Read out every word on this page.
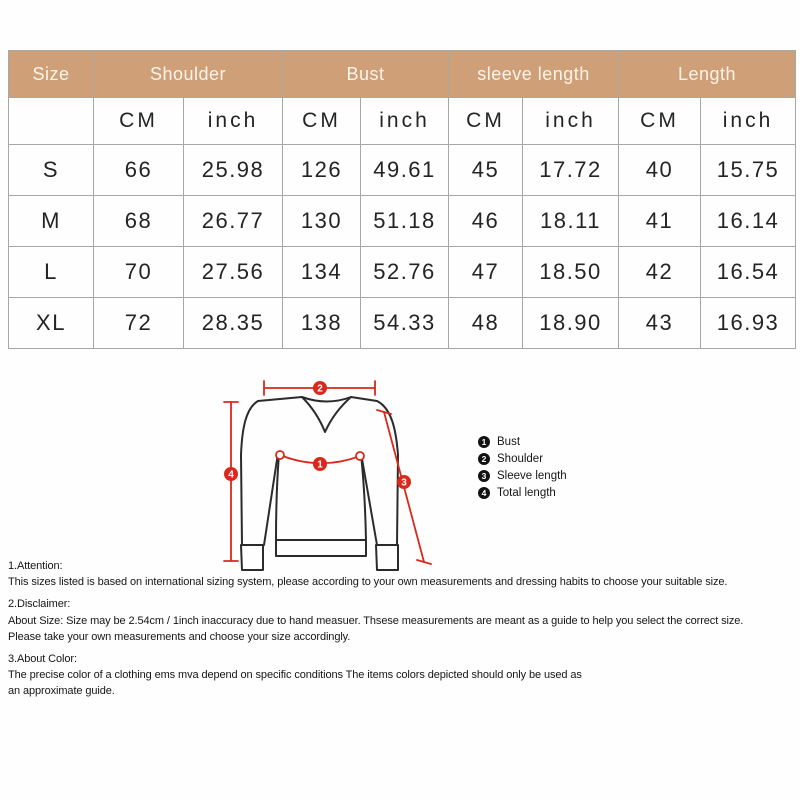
Size	Shoulder		Bust		sleeve length		Length	
	CM	inch	CM	inch	CM	inch	CM	inch
S	66	25.98	126	49.61	45	17.72	40	15.75
M	68	26.77	130	51.18	46	18.11	41	16.14
L	70	27.56	134	52.76	47	18.50	42	16.54
XL	72	28.35	138	54.33	48	18.90	43	16.93
1
2
3
4
1 Bust
2 Shoulder
3 Sleeve length
4 Total length
1.Attention:
This sizes listed is based on international sizing system, please according to your own measurements and dressing habits to choose your suitable size.
2.Disclaimer:
About Size: Size may be 2.54cm / 1inch inaccuracy due to hand measuer. Thsese measurements are meant as a guide to help you select the correct size.
Please take your own measurements and choose your size accordingly.
3.About Color:
The precise color of a clothing ems mva depend on specific conditions The items colors depicted should only be used as
an approximate guide.
